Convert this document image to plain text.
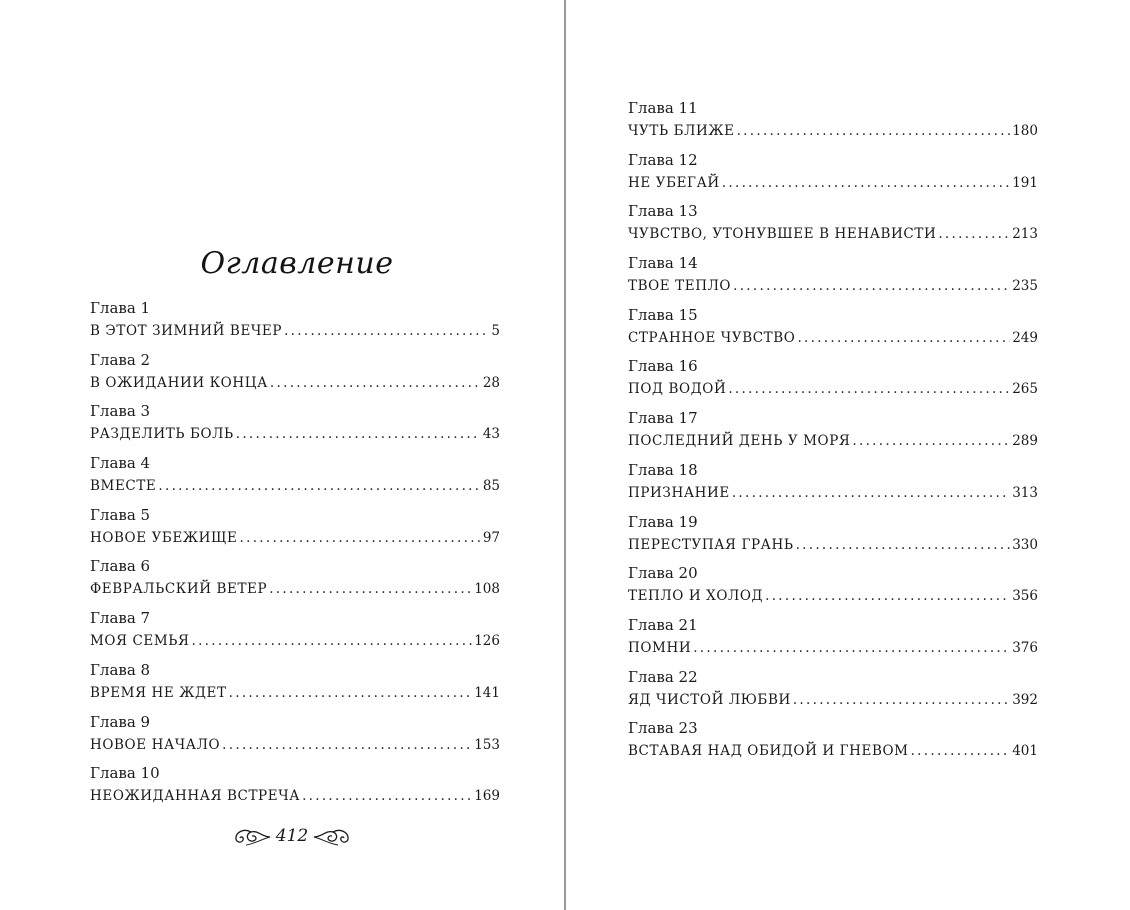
Оглавление
Глава 1
В ЭТОТ ЗИМНИЙ ВЕЧЕР .....	5
Глава 2
В ОЖИДАНИИ КОНЦА .....	28
Глава 3
РАЗДЕЛИТЬ БОЛЬ .....	43
Глава 4
ВМЕСТЕ .....	85
Глава 5
НОВОЕ УБЕЖИЩЕ .....	97
Глава 6
ФЕВРАЛЬСКИЙ ВЕТЕР .....	108
Глава 7
МОЯ СЕМЬЯ .....	126
Глава 8
ВРЕМЯ НЕ ЖДЕТ .....	141
Глава 9
НОВОЕ НАЧАЛО .....	153
Глава 10
НЕОЖИДАННАЯ ВСТРЕЧА .....	169
412
Глава 11
ЧУТЬ БЛИЖЕ .....	180
Глава 12
НЕ УБЕГАЙ .....	191
Глава 13
ЧУВСТВО, УТОНУВШЕЕ В НЕНАВИСТИ .....	213
Глава 14
ТВОЕ ТЕПЛО .....	235
Глава 15
СТРАННОЕ ЧУВСТВО .....	249
Глава 16
ПОД ВОДОЙ .....	265
Глава 17
ПОСЛЕДНИЙ ДЕНЬ У МОРЯ .....	289
Глава 18
ПРИЗНАНИЕ .....	313
Глава 19
ПЕРЕСТУПАЯ ГРАНЬ .....	330
Глава 20
ТЕПЛО И ХОЛОД .....	356
Глава 21
ПОМНИ .....	376
Глава 22
ЯД ЧИСТОЙ ЛЮБВИ .....	392
Глава 23
ВСТАВАЯ НАД ОБИДОЙ И ГНЕВОМ .....	401
